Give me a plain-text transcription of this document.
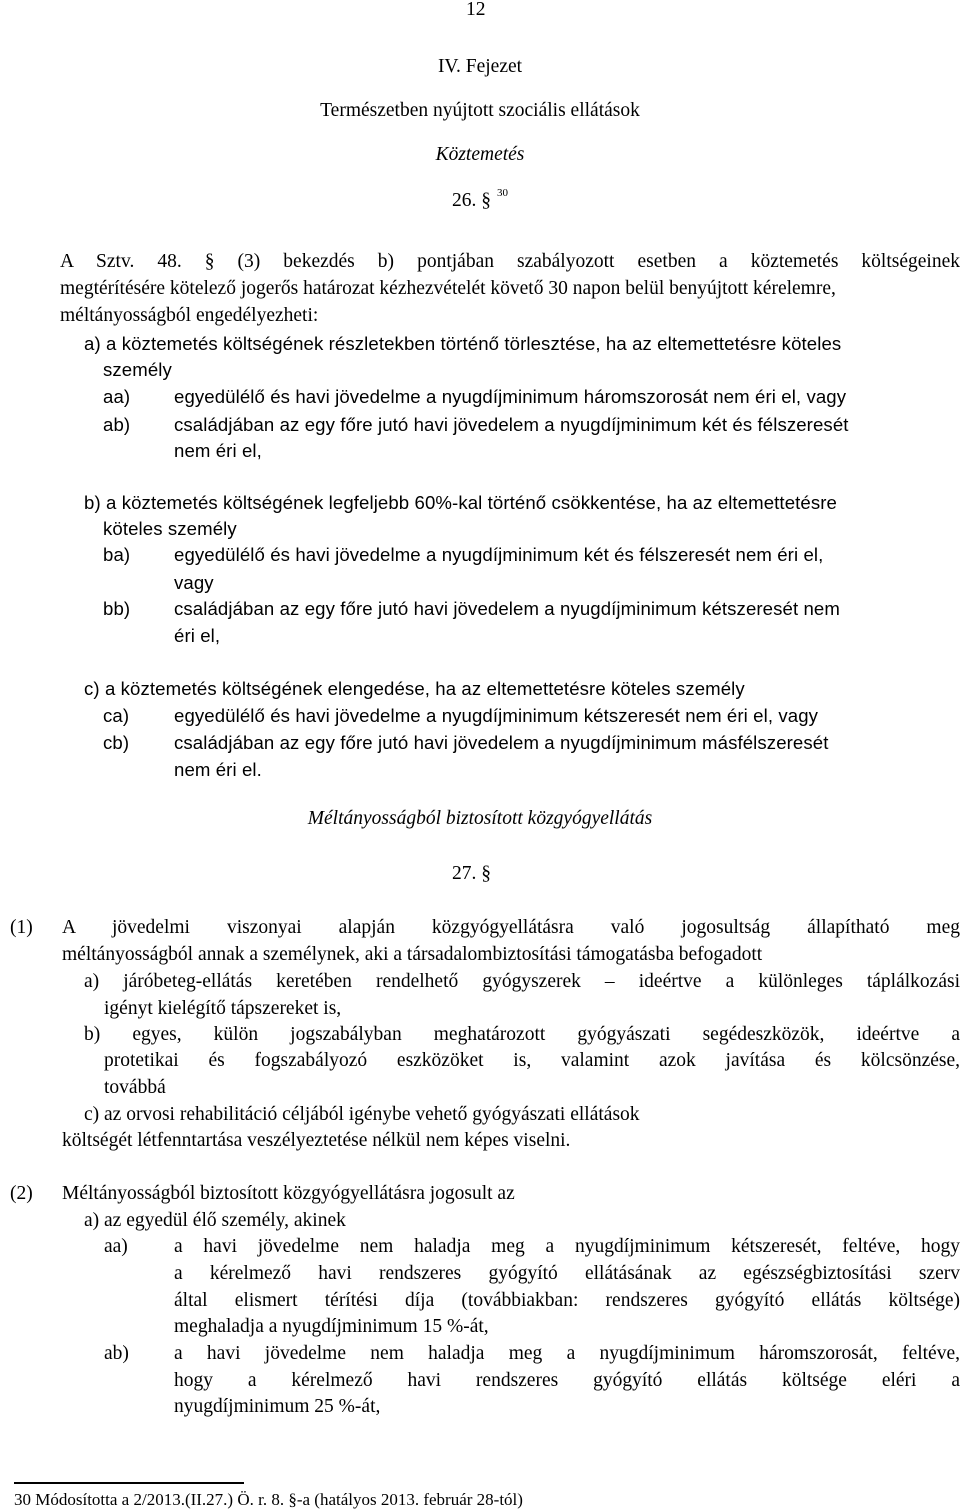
12
IV. Fejezet
Természetben nyújtott szociális ellátások
Köztemetés
26. § $^{30}$
A Sztv. 48. § (3) bekezdés b) pontjában szabályozott esetben a köztemetés költségeinek
megtérítésére kötelező jogerős határozat kézhezvételét követő 30 napon belül benyújtott kérelemre,
méltányosságból engedélyezheti:
a) a köztemetés költségének részletekben történő törlesztése, ha az eltemettetésre köteles
személy
aa) egyedülélő és havi jövedelme a nyugdíjminimum háromszorosát nem éri el, vagy
ab) családjában az egy főre jutó havi jövedelem a nyugdíjminimum két és félszeresét
nem éri el,
b) a köztemetés költségének legfeljebb 60%-kal történő csökkentése, ha az eltemettetésre
köteles személy
ba) egyedülélő és havi jövedelme a nyugdíjminimum két és félszeresét nem éri el,
vagy
bb) családjában az egy főre jutó havi jövedelem a nyugdíjminimum kétszeresét nem
éri el,
c) a köztemetés költségének elengedése, ha az eltemettetésre köteles személy
ca) egyedülélő és havi jövedelme a nyugdíjminimum kétszeresét nem éri el, vagy
cb) családjában az egy főre jutó havi jövedelem a nyugdíjminimum másfélszeresét
nem éri el.
Méltányosságból biztosított közgyógyellátás
27. §
(1) A jövedelmi viszonyai alapján közgyógyellátásra való jogosultság állapítható meg
méltányosságból annak a személynek, aki a társadalombiztosítási támogatásba befogadott
a) járóbeteg-ellátás keretében rendelhető gyógyszerek – ideértve a különleges táplálkozási
igényt kielégítő tápszereket is,
b) egyes, külön jogszabályban meghatározott gyógyászati segédeszközök, ideértve a
protetikai és fogszabályozó eszközöket is, valamint azok javítása és kölcsönzése,
továbbá
c) az orvosi rehabilitáció céljából igénybe vehető gyógyászati ellátások
költségét létfenntartása veszélyeztetése nélkül nem képes viselni.
(2) Méltányosságból biztosított közgyógyellátásra jogosult az
a) az egyedül élő személy, akinek
aa) a havi jövedelme nem haladja meg a nyugdíjminimum kétszeresét, feltéve, hogy
a kérelmező havi rendszeres gyógyító ellátásának az egészségbiztosítási szerv
által elismert térítési díja (továbbiakban: rendszeres gyógyító ellátás költsége)
meghaladja a nyugdíjminimum 15 %-át,
ab) a havi jövedelme nem haladja meg a nyugdíjminimum háromszorosát, feltéve,
hogy a kérelmező havi rendszeres gyógyító ellátás költsége eléri a
nyugdíjminimum 25 %-át,
30 Módosította a 2/2013.(II.27.) Ö. r. 8. §-a (hatályos 2013. február 28-tól)
